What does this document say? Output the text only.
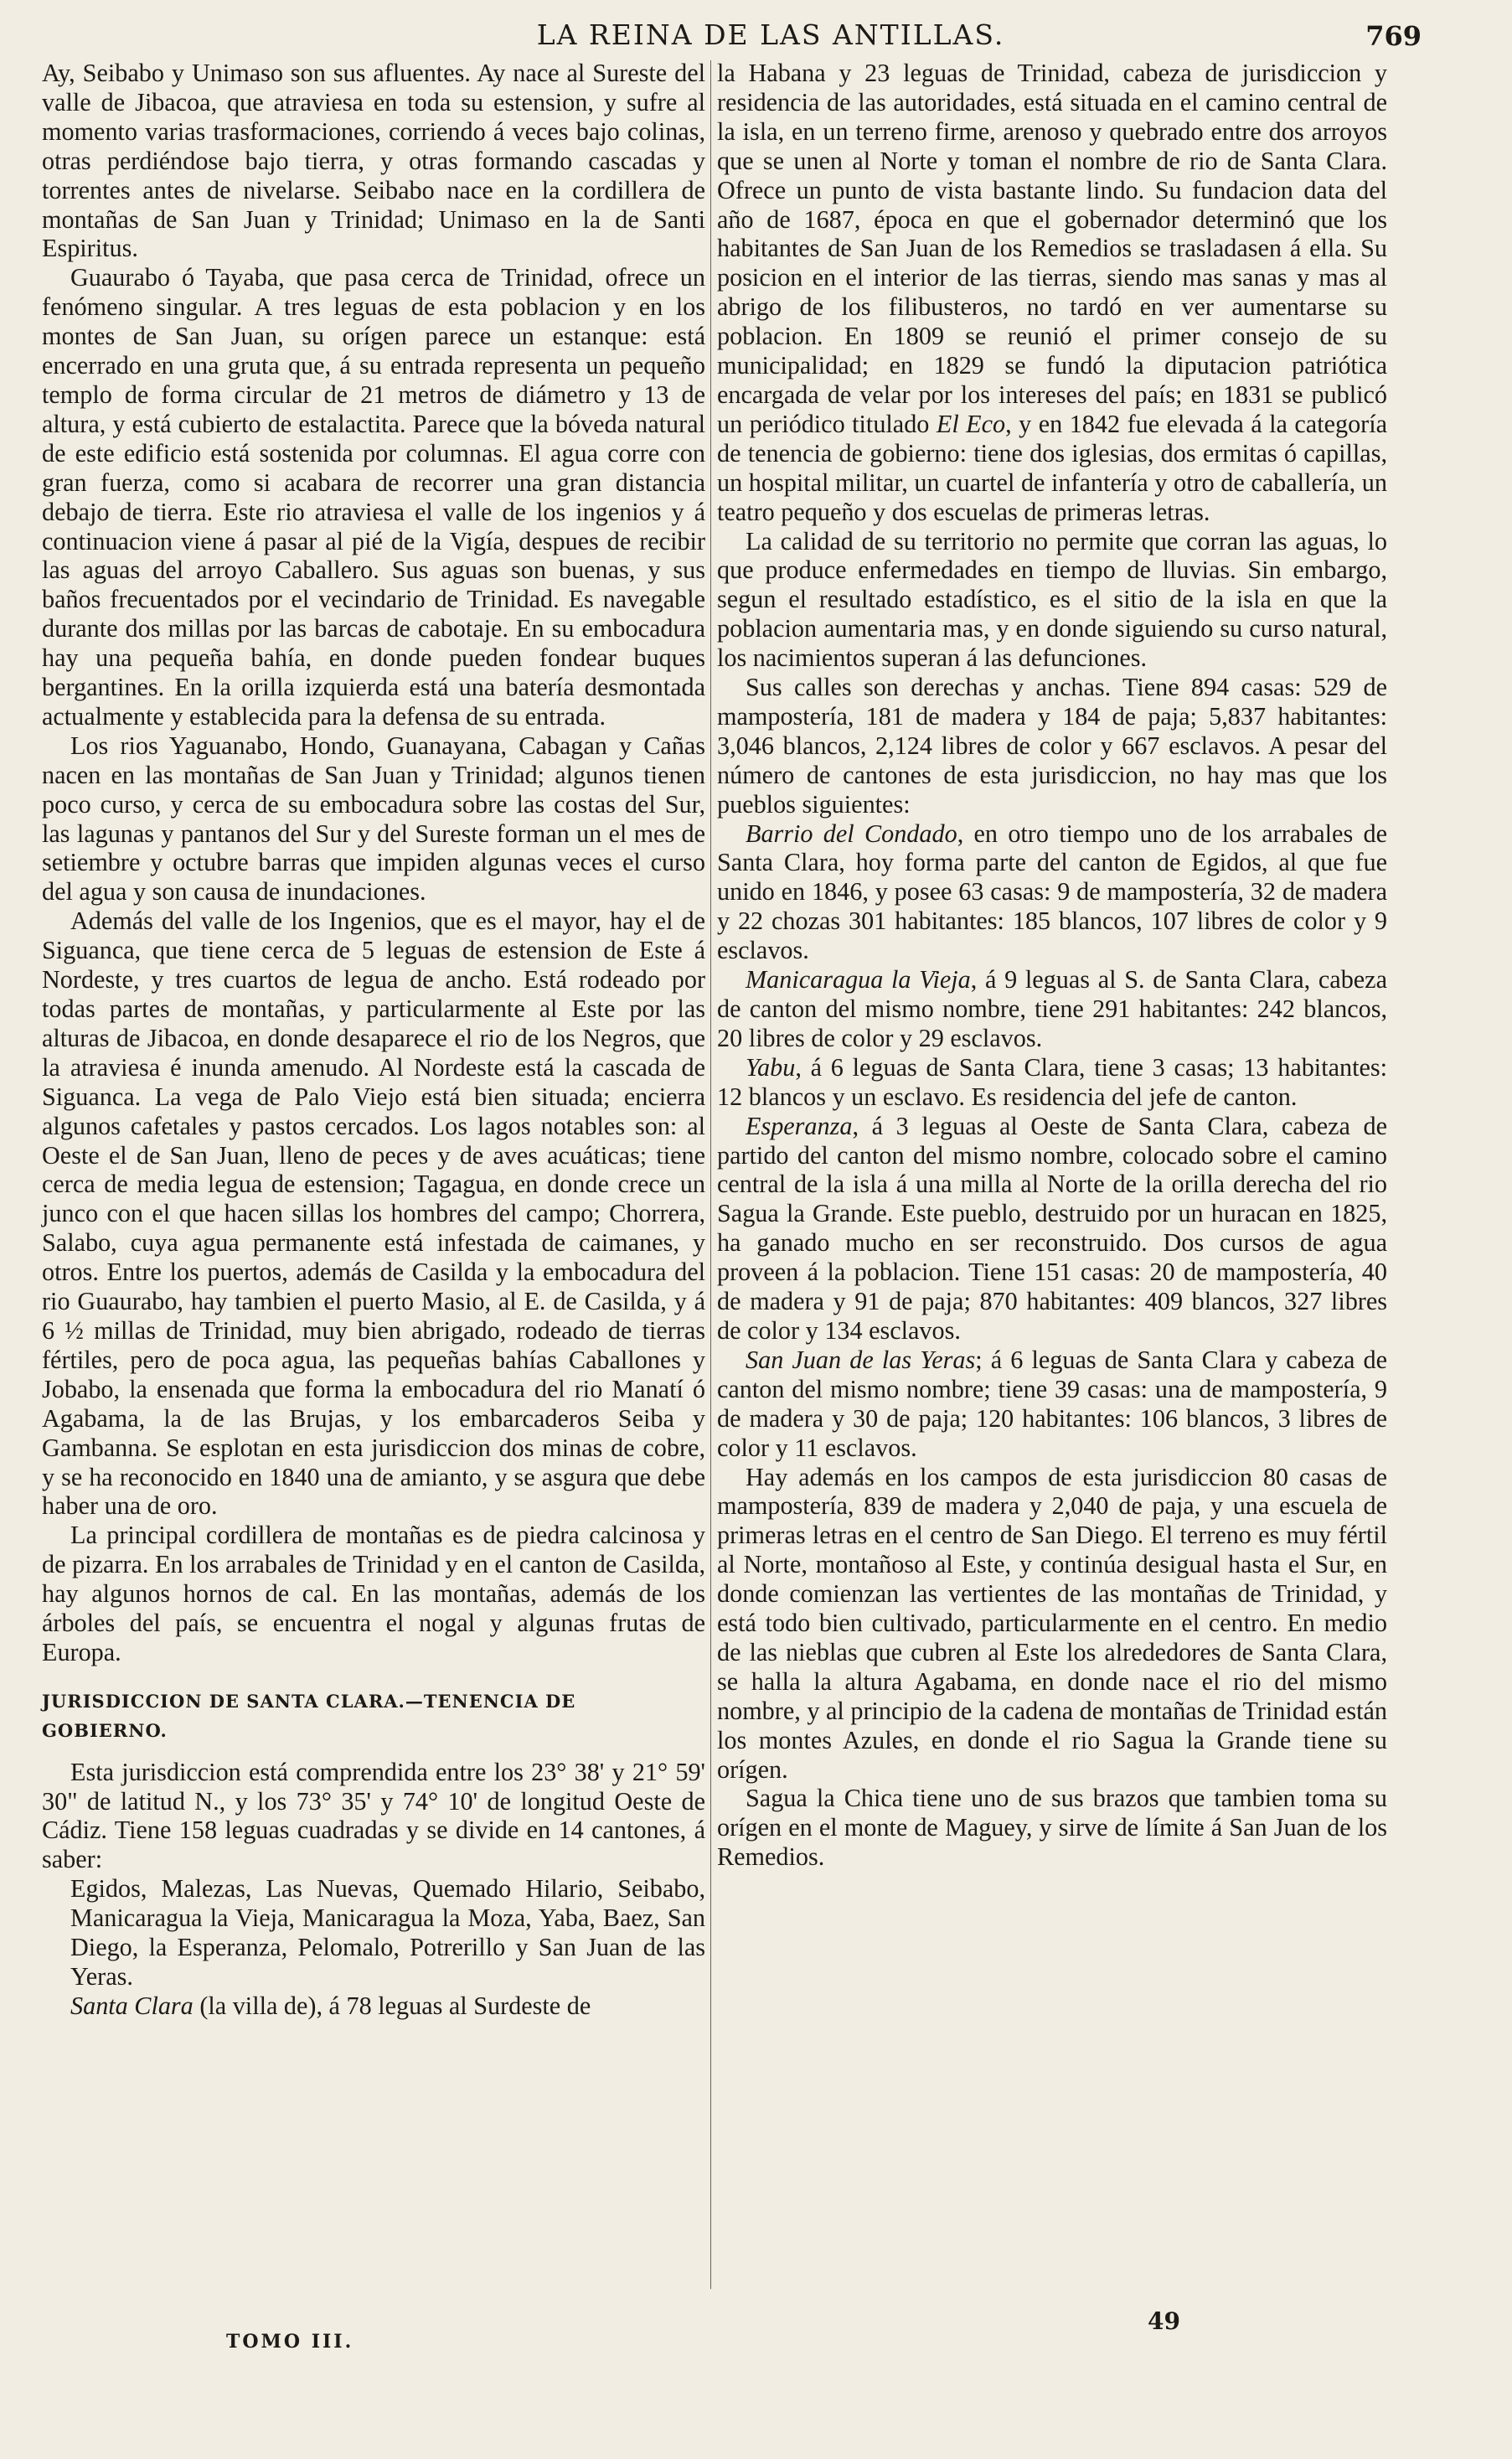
LA REINA DE LAS ANTILLAS.	769

Ay, Seibabo y Unimaso son sus afluentes. Ay nace al Sureste del valle de Jibacoa, que atraviesa en toda su estension, y sufre al momento varias trasformaciones, corriendo á veces bajo colinas, otras perdiéndose bajo tierra, y otras formando cascadas y torrentes antes de nivelarse. Seibabo nace en la cordillera de montañas de San Juan y Trinidad; Unimaso en la de Santi Espiritus.

Guaurabo ó Tayaba, que pasa cerca de Trinidad, ofrece un fenómeno singular. A tres leguas de esta poblacion y en los montes de San Juan, su orígen parece un estanque: está encerrado en una gruta que, á su entrada representa un pequeño templo de forma circular de 21 metros de diámetro y 13 de altura, y está cubierto de estalactita. Parece que la bóveda natural de este edificio está sostenida por columnas. El agua corre con gran fuerza, como si acabara de recorrer una gran distancia debajo de tierra. Este rio atraviesa el valle de los ingenios y á continuacion viene á pasar al pié de la Vigía, despues de recibir las aguas del arroyo Caballero. Sus aguas son buenas, y sus baños frecuentados por el vecindario de Trinidad. Es navegable durante dos millas por las barcas de cabotaje. En su embocadura hay una pequeña bahía, en donde pueden fondear buques bergantines. En la orilla izquierda está una batería desmontada actualmente y establecida para la defensa de su entrada.

Los rios Yaguanabo, Hondo, Guanayana, Cabagan y Cañas nacen en las montañas de San Juan y Trinidad; algunos tienen poco curso, y cerca de su embocadura sobre las costas del Sur, las lagunas y pantanos del Sur y del Sureste forman un el mes de setiembre y octubre barras que impiden algunas veces el curso del agua y son causa de inundaciones.

Además del valle de los Ingenios, que es el mayor, hay el de Siguanca, que tiene cerca de 5 leguas de estension de Este á Nordeste, y tres cuartos de legua de ancho. Está rodeado por todas partes de montañas, y particularmente al Este por las alturas de Jibacoa, en donde desaparece el rio de los Negros, que la atraviesa é inunda amenudo. Al Nordeste está la cascada de Siguanca. La vega de Palo Viejo está bien situada; encierra algunos cafetales y pastos cercados. Los lagos notables son: al Oeste el de San Juan, lleno de peces y de aves acuáticas; tiene cerca de media legua de estension; Tagagua, en donde crece un junco con el que hacen sillas los hombres del campo; Chorrera, Salabo, cuya agua permanente está infestada de caimanes, y otros. Entre los puertos, además de Casilda y la embocadura del rio Guaurabo, hay tambien el puerto Masio, al E. de Casilda, y á 6 ½ millas de Trinidad, muy bien abrigado, rodeado de tierras fértiles, pero de poca agua, las pequeñas bahías Caballones y Jobabo, la ensenada que forma la embocadura del rio Manatí ó Agabama, la de las Brujas, y los embarcaderos Seiba y Gambanna. Se esplotan en esta jurisdiccion dos minas de cobre, y se ha reconocido en 1840 una de amianto, y se asgura que debe haber una de oro.

La principal cordillera de montañas es de piedra calcinosa y de pizarra. En los arrabales de Trinidad y en el canton de Casilda, hay algunos hornos de cal. En las montañas, además de los árboles del país, se encuentra el nogal y algunas frutas de Europa.

JURISDICCION DE SANTA CLARA.—TENENCIA DE GOBIERNO.

Esta jurisdiccion está comprendida entre los 23° 38' y 21° 59' 30" de latitud N., y los 73° 35' y 74° 10' de longitud Oeste de Cádiz. Tiene 158 leguas cuadradas y se divide en 14 cantones, á saber:

Egidos, Malezas, Las Nuevas, Quemado Hilario, Seibabo, Manicaragua la Vieja, Manicaragua la Moza, Yaba, Baez, San Diego, la Esperanza, Pelomalo, Potrerillo y San Juan de las Yeras.

Santa Clara (la villa de), á 78 leguas al Surdeste de

la Habana y 23 leguas de Trinidad, cabeza de jurisdiccion y residencia de las autoridades, está situada en el camino central de la isla, en un terreno firme, arenoso y quebrado entre dos arroyos que se unen al Norte y toman el nombre de rio de Santa Clara. Ofrece un punto de vista bastante lindo. Su fundacion data del año de 1687, época en que el gobernador determinó que los habitantes de San Juan de los Remedios se trasladasen á ella. Su posicion en el interior de las tierras, siendo mas sanas y mas al abrigo de los filibusteros, no tardó en ver aumentarse su poblacion. En 1809 se reunió el primer consejo de su municipalidad; en 1829 se fundó la diputacion patriótica encargada de velar por los intereses del país; en 1831 se publicó un periódico titulado El Eco, y en 1842 fue elevada á la categoría de tenencia de gobierno: tiene dos iglesias, dos ermitas ó capillas, un hospital militar, un cuartel de infantería y otro de caballería, un teatro pequeño y dos escuelas de primeras letras.

La calidad de su territorio no permite que corran las aguas, lo que produce enfermedades en tiempo de lluvias. Sin embargo, segun el resultado estadístico, es el sitio de la isla en que la poblacion aumentaria mas, y en donde siguiendo su curso natural, los nacimientos superan á las defunciones.

Sus calles son derechas y anchas. Tiene 894 casas: 529 de mampostería, 181 de madera y 184 de paja; 5,837 habitantes: 3,046 blancos, 2,124 libres de color y 667 esclavos. A pesar del número de cantones de esta jurisdiccion, no hay mas que los pueblos siguientes:

Barrio del Condado, en otro tiempo uno de los arrabales de Santa Clara, hoy forma parte del canton de Egidos, al que fue unido en 1846, y posee 63 casas: 9 de mampostería, 32 de madera y 22 chozas 301 habitantes: 185 blancos, 107 libres de color y 9 esclavos.

Manicaragua la Vieja, á 9 leguas al S. de Santa Clara, cabeza de canton del mismo nombre, tiene 291 habitantes: 242 blancos, 20 libres de color y 29 esclavos.

Yabu, á 6 leguas de Santa Clara, tiene 3 casas; 13 habitantes: 12 blancos y un esclavo. Es residencia del jefe de canton.

Esperanza, á 3 leguas al Oeste de Santa Clara, cabeza de partido del canton del mismo nombre, colocado sobre el camino central de la isla á una milla al Norte de la orilla derecha del rio Sagua la Grande. Este pueblo, destruido por un huracan en 1825, ha ganado mucho en ser reconstruido. Dos cursos de agua proveen á la poblacion. Tiene 151 casas: 20 de mampostería, 40 de madera y 91 de paja; 870 habitantes: 409 blancos, 327 libres de color y 134 esclavos.

San Juan de las Yeras; á 6 leguas de Santa Clara y cabeza de canton del mismo nombre; tiene 39 casas: una de mampostería, 9 de madera y 30 de paja; 120 habitantes: 106 blancos, 3 libres de color y 11 esclavos.

Hay además en los campos de esta jurisdiccion 80 casas de mampostería, 839 de madera y 2,040 de paja, y una escuela de primeras letras en el centro de San Diego. El terreno es muy fértil al Norte, montañoso al Este, y continúa desigual hasta el Sur, en donde comienzan las vertientes de las montañas de Trinidad, y está todo bien cultivado, particularmente en el centro. En medio de las nieblas que cubren al Este los alrededores de Santa Clara, se halla la altura Agabama, en donde nace el rio del mismo nombre, y al principio de la cadena de montañas de Trinidad están los montes Azules, en donde el rio Sagua la Grande tiene su orígen.

Sagua la Chica tiene uno de sus brazos que tambien toma su orígen en el monte de Maguey, y sirve de límite á San Juan de los Remedios.

TOMO III.
49
